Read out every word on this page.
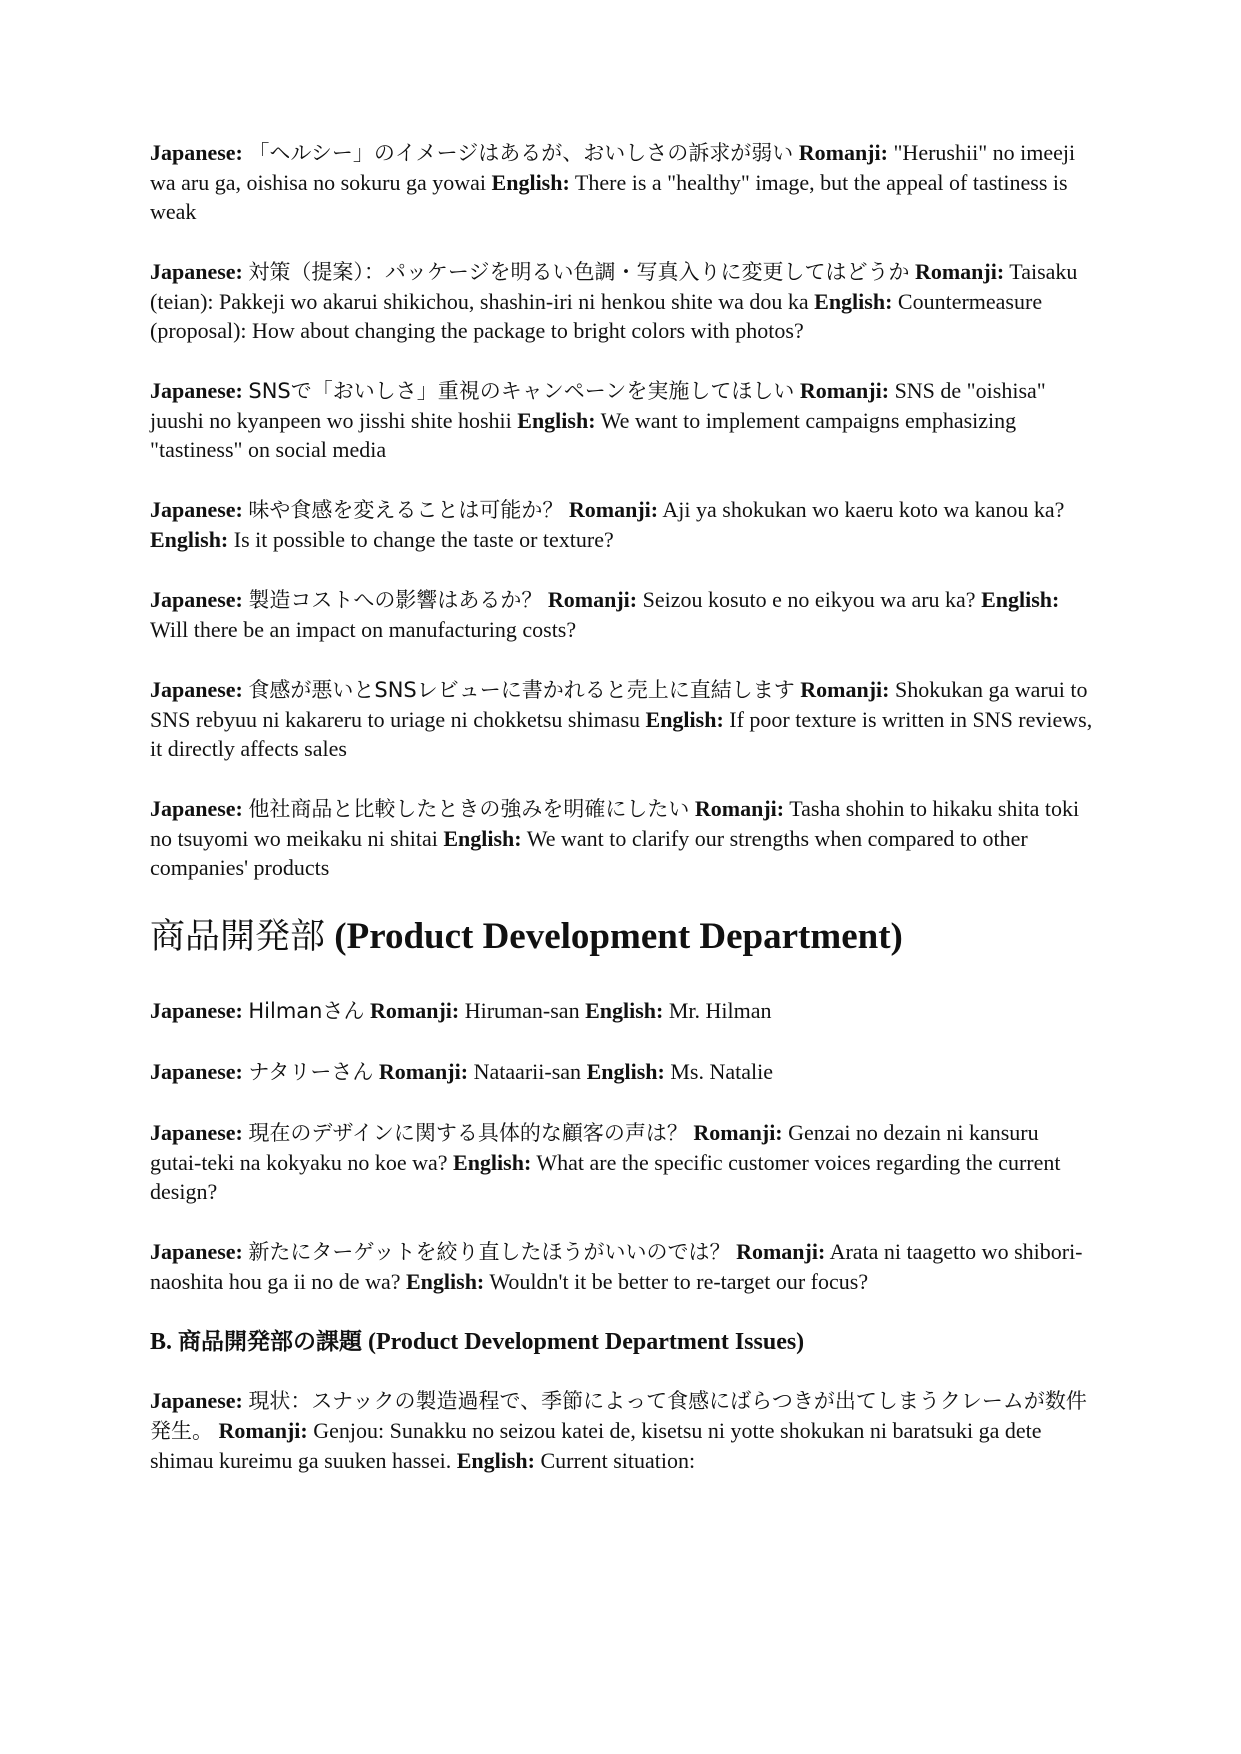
Japanese: 「ヘルシー」のイメージはあるが、おいしさの訴求が弱い Romanji: "Herushii" no imeeji wa aru ga, oishisa no sokuru ga yowai English: There is a "healthy" image, but the appeal of tastiness is weak

Japanese: 対策（提案）：パッケージを明るい色調・写真入りに変更してはどうか Romanji: Taisaku (teian): Pakkeji wo akarui shikichou, shashin-iri ni henkou shite wa dou ka English: Countermeasure (proposal): How about changing the package to bright colors with photos?

Japanese: SNSで「おいしさ」重視のキャンペーンを実施してほしい Romanji: SNS de "oishisa" juushi no kyanpeen wo jisshi shite hoshii English: We want to implement campaigns emphasizing "tastiness" on social media

Japanese: 味や食感を変えることは可能か？ Romanji: Aji ya shokukan wo kaeru koto wa kanou ka? English: Is it possible to change the taste or texture?

Japanese: 製造コストへの影響はあるか？ Romanji: Seizou kosuto e no eikyou wa aru ka? English: Will there be an impact on manufacturing costs?

Japanese: 食感が悪いとSNSレビューに書かれると売上に直結します Romanji: Shokukan ga warui to SNS rebyuu ni kakareru to uriage ni chokketsu shimasu English: If poor texture is written in SNS reviews, it directly affects sales

Japanese: 他社商品と比較したときの強みを明確にしたい Romanji: Tasha shohin to hikaku shita toki no tsuyomi wo meikaku ni shitai English: We want to clarify our strengths when compared to other companies' products

商品開発部 (Product Development Department)

Japanese: Hilmanさん Romanji: Hiruman-san English: Mr. Hilman

Japanese: ナタリーさん Romanji: Nataarii-san English: Ms. Natalie

Japanese: 現在のデザインに関する具体的な顧客の声は？ Romanji: Genzai no dezain ni kansuru gutai-teki na kokyaku no koe wa? English: What are the specific customer voices regarding the current design?

Japanese: 新たにターゲットを絞り直したほうがいいのでは？ Romanji: Arata ni taagetto wo shibori-naoshita hou ga ii no de wa? English: Wouldn't it be better to re-target our focus?

B. 商品開発部の課題 (Product Development Department Issues)

Japanese: 現状：スナックの製造過程で、季節によって食感にばらつきが出てしまうクレームが数件発生。 Romanji: Genjou: Sunakku no seizou katei de, kisetsu ni yotte shokukan ni baratsuki ga dete shimau kureimu ga suuken hassei. English: Current situation:
